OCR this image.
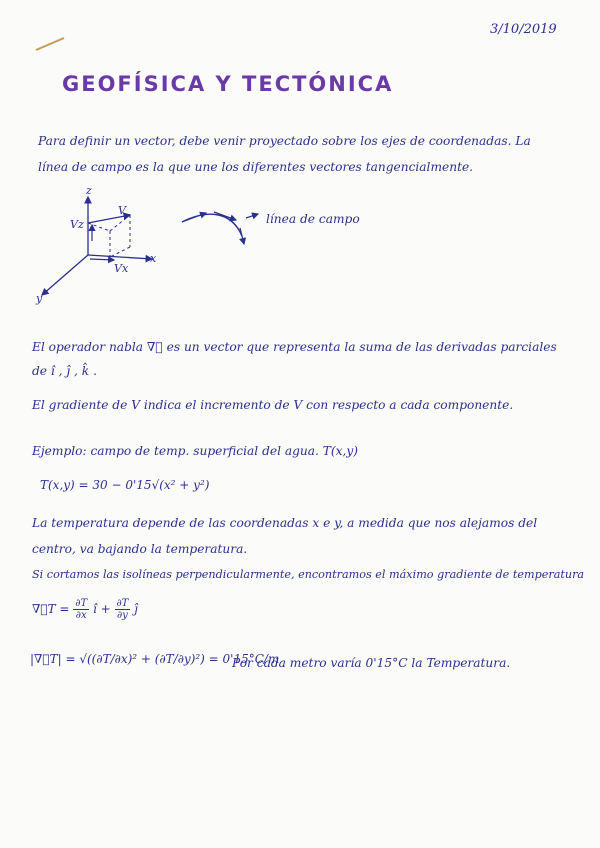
3/10/2019
GEOFÍSICA Y TECTÓNICA
Para definir un vector, debe venir proyectado sobre los ejes de coordenadas. La
línea de campo es la que une los diferentes vectores tangencialmente.
z
x
y
V
Vz
Vx
línea de campo
El operador nabla ∇⃗ es un vector que representa la suma de las derivadas parciales
de î , ĵ , k̂ .
El gradiente de V indica el incremento de V con respecto a cada componente.
Ejemplo: campo de temp. superficial del agua. T(x,y)
T(x,y) = 30 − 0'15√(x² + y²)
La temperatura depende de las coordenadas x e y, a medida que nos alejamos del
centro, va bajando la temperatura.
Si cortamos las isolíneas perpendicularmente, encontramos el máximo gradiente de temperatura
∇⃗T = $\frac{\partial T}{\partial x}$ î + $\frac{\partial T}{\partial y}$ ĵ
|∇⃗T| = √((∂T/∂x)² + (∂T/∂y)²) = 0'15°C/m
Por cada metro varía 0'15°C la Temperatura.
